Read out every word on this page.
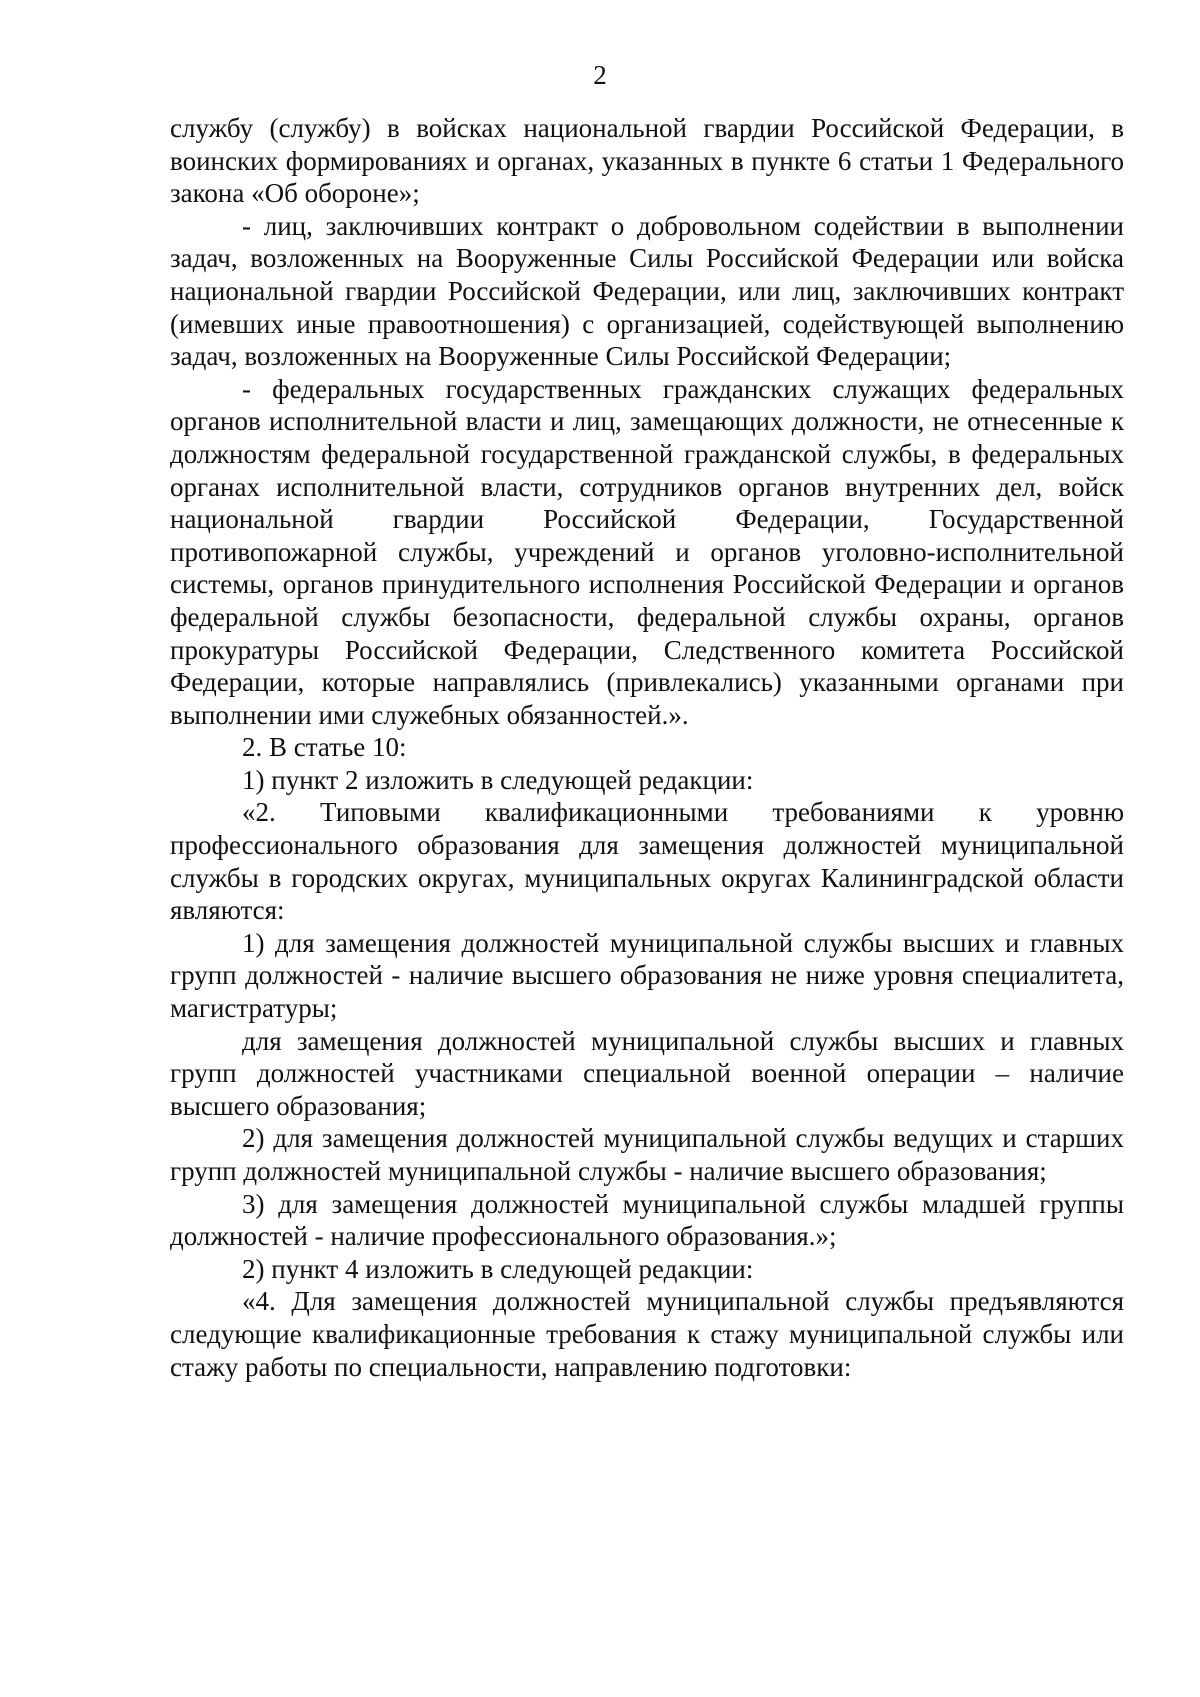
2

службу (службу) в войсках национальной гвардии Российской Федерации, в воинских формированиях и органах, указанных в пункте 6 статьи 1 Федерального закона «Об обороне»;

- лиц, заключивших контракт о добровольном содействии в выполнении задач, возложенных на Вооруженные Силы Российской Федерации или войска национальной гвардии Российской Федерации, или лиц, заключивших контракт (имевших иные правоотношения) с организацией, содействующей выполнению задач, возложенных на Вооруженные Силы Российской Федерации;

- федеральных государственных гражданских служащих федеральных органов исполнительной власти и лиц, замещающих должности, не отнесенные к должностям федеральной государственной гражданской службы, в федеральных органах исполнительной власти, сотрудников органов внутренних дел, войск национальной гвардии Российской Федерации, Государственной противопожарной службы, учреждений и органов уголовно-исполнительной системы, органов принудительного исполнения Российской Федерации и органов федеральной службы безопасности, федеральной службы охраны, органов прокуратуры Российской Федерации, Следственного комитета Российской Федерации, которые направлялись (привлекались) указанными органами при выполнении ими служебных обязанностей.».

2. В статье 10:

1) пункт 2 изложить в следующей редакции:

«2. Типовыми квалификационными требованиями к уровню профессионального образования для замещения должностей муниципальной службы в городских округах, муниципальных округах Калининградской области являются:

1) для замещения должностей муниципальной службы высших и главных групп должностей - наличие высшего образования не ниже уровня специалитета, магистратуры;

для замещения должностей муниципальной службы высших и главных групп должностей участниками специальной военной операции – наличие высшего образования;

2) для замещения должностей муниципальной службы ведущих и старших групп должностей муниципальной службы - наличие высшего образования;

3) для замещения должностей муниципальной службы младшей группы должностей - наличие профессионального образования.»;

2) пункт 4 изложить в следующей редакции:

«4. Для замещения должностей муниципальной службы предъявляются следующие квалификационные требования к стажу муниципальной службы или стажу работы по специальности, направлению подготовки:
